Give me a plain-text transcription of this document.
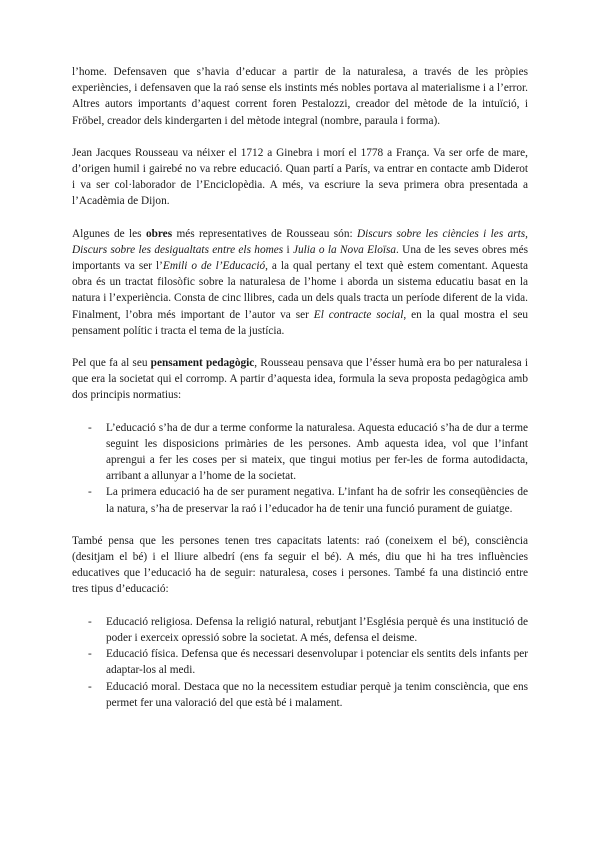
l’home. Defensaven que s’havia d’educar a partir de la naturalesa, a través de les pròpies experiències, i defensaven que la raó sense els instints més nobles portava al materialisme i a l’error. Altres autors importants d’aquest corrent foren Pestalozzi, creador del mètode de la intuïció, i Fröbel, creador dels kindergarten i del mètode integral (nombre, paraula i forma).

Jean Jacques Rousseau va néixer el 1712 a Ginebra i morí el 1778 a França. Va ser orfe de mare, d’origen humil i gairebé no va rebre educació. Quan partí a París, va entrar en contacte amb Diderot i va ser col·laborador de l’Enciclopèdia. A més, va escriure la seva primera obra presentada a l’Acadèmia de Dijon.

Algunes de les obres més representatives de Rousseau són: Discurs sobre les ciències i les arts, Discurs sobre les desigualtats entre els homes i Julia o la Nova Eloïsa. Una de les seves obres més importants va ser l’Emili o de l’Educació, a la qual pertany el text què estem comentant. Aquesta obra és un tractat filosòfic sobre la naturalesa de l’home i aborda un sistema educatiu basat en la natura i l’experiència. Consta de cinc llibres, cada un dels quals tracta un període diferent de la vida. Finalment, l’obra més important de l’autor va ser El contracte social, en la qual mostra el seu pensament polític i tracta el tema de la justícia.

Pel que fa al seu pensament pedagògic, Rousseau pensava que l’ésser humà era bo per naturalesa i que era la societat qui el corromp. A partir d’aquesta idea, formula la seva proposta pedagògica amb dos principis normatius:

- L’educació s’ha de dur a terme conforme la naturalesa. Aquesta educació s’ha de dur a terme seguint les disposicions primàries de les persones. Amb aquesta idea, vol que l’infant aprengui a fer les coses per si mateix, que tingui motius per fer-les de forma autodidacta, arribant a allunyar a l’home de la societat.
- La primera educació ha de ser purament negativa. L’infant ha de sofrir les conseqüències de la natura, s’ha de preservar la raó i l’educador ha de tenir una funció purament de guiatge.

També pensa que les persones tenen tres capacitats latents: raó (coneixem el bé), consciència (desitjam el bé) i el lliure albedrí (ens fa seguir el bé). A més, diu que hi ha tres influències educatives que l’educació ha de seguir: naturalesa, coses i persones. També fa una distinció entre tres tipus d’educació:

- Educació religiosa. Defensa la religió natural, rebutjant l’Església perquè és una institució de poder i exerceix opressió sobre la societat. A més, defensa el deisme.
- Educació física. Defensa que és necessari desenvolupar i potenciar els sentits dels infants per adaptar-los al medi.
- Educació moral. Destaca que no la necessitem estudiar perquè ja tenim consciència, que ens permet fer una valoració del que està bé i malament.
